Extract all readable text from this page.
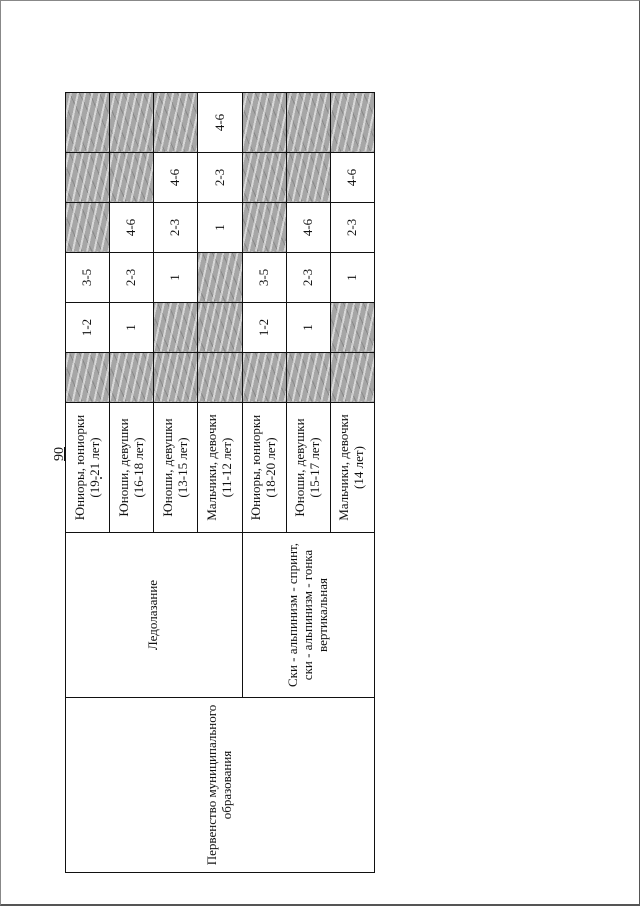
90
Первенство муниципального образования	Ледолазание	Юниоры, юниорки (19-21 лет)		1-2	3-5			
		Юноши, девушки (16-18 лет)		1	2-3	4-6		
		Юноши, девушки (13-15 лет)			1	2-3	4-6	
		Мальчики, девочки (11-12 лет)				1	2-3	4-6
	Ски - альпинизм - спринт, ски - альпинизм - гонка вертикальная	Юниоры, юниорки (18-20 лет)		1-2	3-5			
		Юноши, девушки (15-17 лет)		1	2-3	4-6		
		Мальчики, девочки (14 лет)			1	2-3	4-6	
